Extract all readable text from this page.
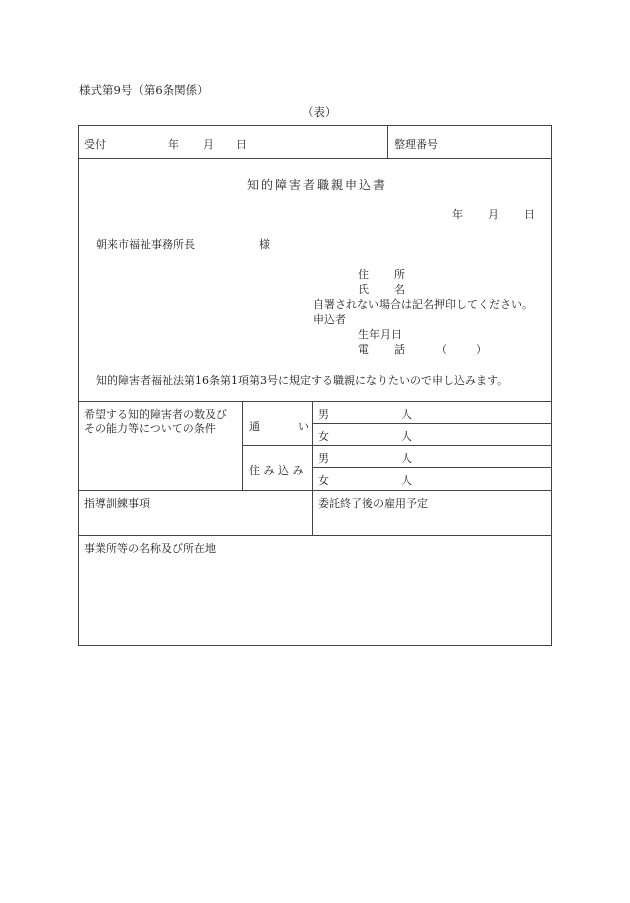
様式第9号（第6条関係）
（表）
受付	年 月 日	整理番号
知的障害者職親申込書
年 月 日
朝来市福祉事務所長	様
住 所
氏 名
自署されない場合は記名押印してください。
申込者
生年月日
電 話	（	）
知的障害者福祉法第16条第1項第3号に規定する職親になりたいので申し込みます。
希望する知的障害者の数及び
その能力等についての条件	通	い
男	人
女	人
住 み 込 み
男	人
女	人
指導訓練事項	委託終了後の雇用予定
事業所等の名称及び所在地
